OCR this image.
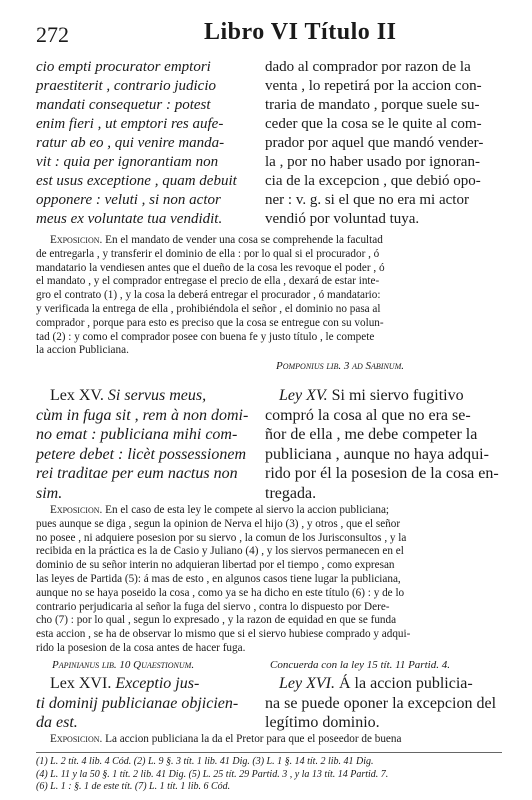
272	Libro VI Título II
cio empti procurator emptori
praestiterit , contrario judicio
mandati consequetur : potest
enim fieri , ut emptori res aufe-
ratur ab eo , qui venire manda-
vit : quia per ignorantiam non
est usus exceptione , quam debuit
opponere : veluti , si non actor
meus ex voluntate tua vendidit.
dado al comprador por razon de la
venta , lo repetirá por la accion con-
traria de mandato , porque suele su-
ceder que la cosa se le quite al com-
prador por aquel que mandó vender-
la , por no haber usado por ignoran-
cia de la excepcion , que debió opo-
ner : v. g. si el que no era mi actor
vendió por voluntad tuya.
Exposicion. En el mandato de vender una cosa se comprehende la facultad
de entregarla , y transferir el dominio de ella : por lo qual si el procurador , ó
mandatario la vendiesen antes que el dueño de la cosa les revoque el poder , ó
el mandato , y el comprador entregase el precio de ella , dexará de estar inte-
gro el contrato (1) , y la cosa la deberá entregar el procurador , ó mandatario:
y verificada la entrega de ella , prohibiéndola el señor , el dominio no pasa al
comprador , porque para esto es preciso que la cosa se entregue con su volun-
tad (2) : y como el comprador posee con buena fe y justo título , le compete
la accion Publiciana.
Pomponius lib. 3 ad Sabinum.
Lex XV. Si servus meus,
cùm in fuga sit , rem à non domi-
no emat : publiciana mihi com-
petere debet : licèt possessionem
rei traditae per eum nactus non
sim.
Ley XV. Si mi siervo fugitivo
compró la cosa al que no era se-
ñor de ella , me debe competer la
publiciana , aunque no haya adqui-
rido por él la posesion de la cosa en-
tregada.
Exposicion. En el caso de esta ley le compete al siervo la accion publiciana;
pues aunque se diga , segun la opinion de Nerva el hijo (3) , y otros , que el señor
no posee , ni adquiere posesion por su siervo , la comun de los Jurisconsultos , y la
recibida en la práctica es la de Casio y Juliano (4) , y los siervos permanecen en el
dominio de su señor interin no adquieran libertad por el tiempo , como expresan
las leyes de Partida (5): á mas de esto , en algunos casos tiene lugar la publiciana,
aunque no se haya poseido la cosa , como ya se ha dicho en este título (6) : y de lo
contrario perjudicaria al señor la fuga del siervo , contra lo dispuesto por Dere-
cho (7) : por lo qual , segun lo expresado , y la razon de equidad en que se funda
esta accion , se ha de observar lo mismo que si el siervo hubiese comprado y adqui-
rido la posesion de la cosa antes de hacer fuga.
Papinianus lib. 10 Quaestionum.	Concuerda con la ley 15 tít. 11 Partid. 4.
Lex XVI. Exceptio jus-
ti dominij publicianae objicien-
da est.
Ley XVI. Á la accion publicia-
na se puede oponer la excepcion del
legítimo dominio.
Exposicion. La accion publiciana la da el Pretor para que el poseedor de buena
(1) L. 2 tít. 4 lib. 4 Cód. (2) L. 9 §. 3 tít. 1 lib. 41 Dig. (3) L. 1 §. 14 tít. 2 lib. 41 Dig.
(4) L. 11 y la 50 §. 1 tít. 2 lib. 41 Dig. (5) L. 25 tít. 29 Partid. 3 , y la 13 tít. 14 Partid. 7.
(6) L. 1 : §. 1 de este tít. (7) L. 1 tít. 1 lib. 6 Cód.
